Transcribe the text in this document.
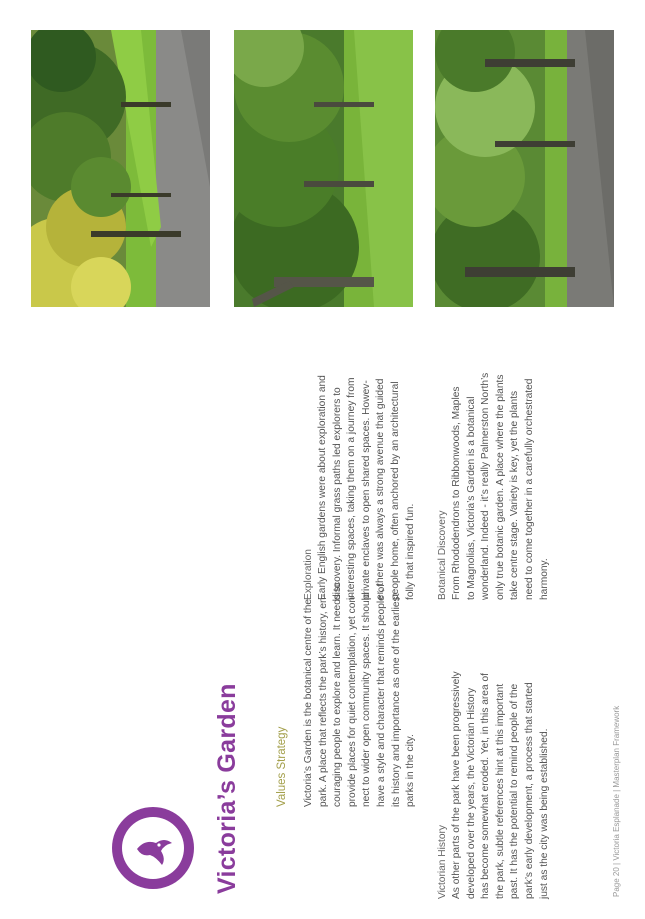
Victoria’s Garden	Values Strategy Victoria’s Garden is the botanical centre of the park. A place that reflects the park’s history, en- couraging people to explore and learn. It needs to provide places for quiet contemplation, yet con- nect to wider open community spaces. It should have a style and character that reminds people of its history and importance as one of the earliest parks in the city.

Victorian History As other parts of the park have been progressively developed over the years, the Victorian History has become somewhat eroded. Yet, in this area of the park, subtle references hint at this important past. It has the potential to remind people of the park’s early development, a process that started just as the city was being established.

Exploration Early English gardens were about exploration and discovery. Informal grass paths led explorers to interesting spaces, taking them on a journey from private enclaves to open shared spaces. Howev- er, there was always a strong avenue that guided people home, often anchored by an architectural folly that inspired fun. Botanical Discovery From Rhododendrons to Ribbonwoods, Maples to Magnolias, Victoria’s Garden is a botanical wonderland. Indeed - it’s really Palmerston North’s only true botanic garden. A place where the plants take centre stage. Variety is key, yet the plants need to come together in a carefully orchestrated harmony.

Page 20 | Victoria Esplanade | Masterplan Framework
